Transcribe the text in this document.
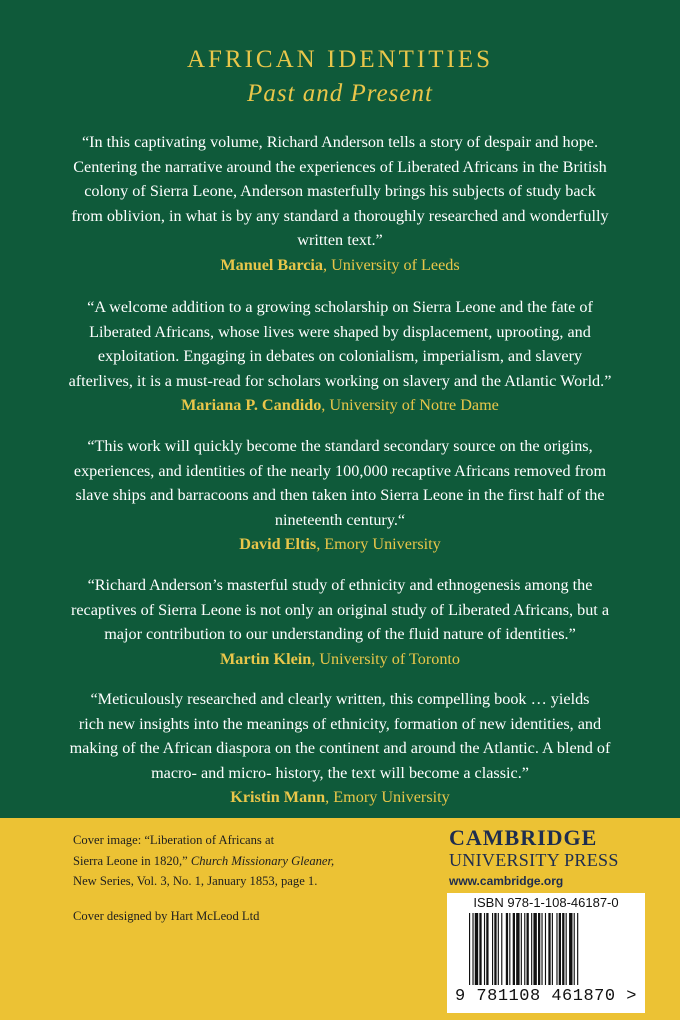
AFRICAN IDENTITIES
Past and Present
“In this captivating volume, Richard Anderson tells a story of despair and hope.
Centering the narrative around the experiences of Liberated Africans in the British
colony of Sierra Leone, Anderson masterfully brings his subjects of study back
from oblivion, in what is by any standard a thoroughly researched and wonderfully
written text.”
Manuel Barcia, University of Leeds
“A welcome addition to a growing scholarship on Sierra Leone and the fate of
Liberated Africans, whose lives were shaped by displacement, uprooting, and
exploitation. Engaging in debates on colonialism, imperialism, and slavery
afterlives, it is a must-read for scholars working on slavery and the Atlantic World.”
Mariana P. Candido, University of Notre Dame
“This work will quickly become the standard secondary source on the origins,
experiences, and identities of the nearly 100,000 recaptive Africans removed from
slave ships and barracoons and then taken into Sierra Leone in the first half of the
nineteenth century.“
David Eltis, Emory University
“Richard Anderson’s masterful study of ethnicity and ethnogenesis among the
recaptives of Sierra Leone is not only an original study of Liberated Africans, but a
major contribution to our understanding of the fluid nature of identities.”
Martin Klein, University of Toronto
“Meticulously researched and clearly written, this compelling book … yields
rich new insights into the meanings of ethnicity, formation of new identities, and
making of the African diaspora on the continent and around the Atlantic. A blend of
macro- and micro- history, the text will become a classic.”
Kristin Mann, Emory University
Cover image: “Liberation of Africans at
Sierra Leone in 1820,” Church Missionary Gleaner,
New Series, Vol. 3, No. 1, January 1853, page 1.
Cover designed by Hart McLeod Ltd
CAMBRIDGE
UNIVERSITY PRESS
www.cambridge.org
ISBN 978-1-108-46187-0
9 781108 461870 >
